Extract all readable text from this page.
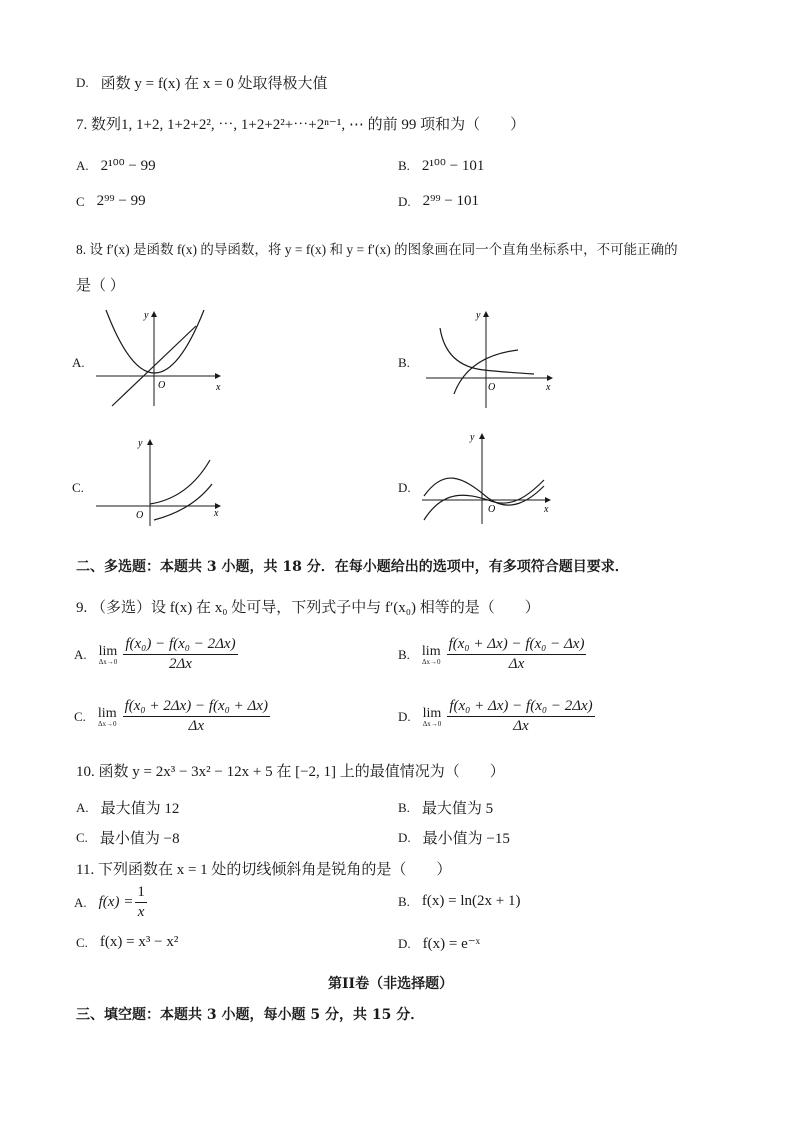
D. 函数 y = f(x) 在 x = 0 处取得极大值
7. 数列1, 1+2, 1+2+2², ⋯, 1+2+2²+⋯+2ⁿ⁻¹, ⋯ 的前 99 项和为（　　）
A. 2¹⁰⁰ − 99	B. 2¹⁰⁰ − 101
C 2⁹⁹ − 99	D. 2⁹⁹ − 101
8. 设 f′(x) 是函数 f(x) 的导函数，将 y = f(x) 和 y = f′(x) 的图象画在同一个直角坐标系中，不可能正确的
是（ ）
A.
x
y
O
B.
x
y
O
C.
x
y
O
D.
x
y
O
二、多选题：本题共 3 小题，共 18 分．在每小题给出的选项中，有多项符合题目要求．
9. （多选）设 f(x) 在 x₀ 处可导，下列式子中与 f′(x₀) 相等的是（　　）
A. lim
$\Delta x\to 0 \frac{\text{f(x₀) − f(x₀ − 2Δx)}}{2\Delta x}$	B. lim
$\Delta x\to 0 \frac{\text{f(x₀ + Δx) − f(x₀ − Δx)}}{\Delta x}$
C. lim
$\Delta x\to 0 \frac{\text{f(x₀ + 2Δx) − f(x₀ + Δx)}}{\Delta x}$	D. lim
$\Delta x\to 0 \frac{\text{f(x₀ + Δx) − f(x₀ − 2Δx)}}{\Delta x}$
10. 函数 y = 2x³ − 3x² − 12x + 5 在 [−2, 1] 上的最值情况为（　　）
A. 最大值为 12	B. 最大值为 5
C. 最小值为 −8	D. 最小值为 −15
11. 下列函数在 x = 1 处的切线倾斜角是锐角的是（　　）
A. $f(x) = \frac{1}{x}$	B. f(x) = ln(2x + 1)
C. f(x) = x³ − x²	D. f(x) = e⁻ˣ
第II卷（非选择题）
三、填空题：本题共 3 小题，每小题 5 分，共 15 分．
